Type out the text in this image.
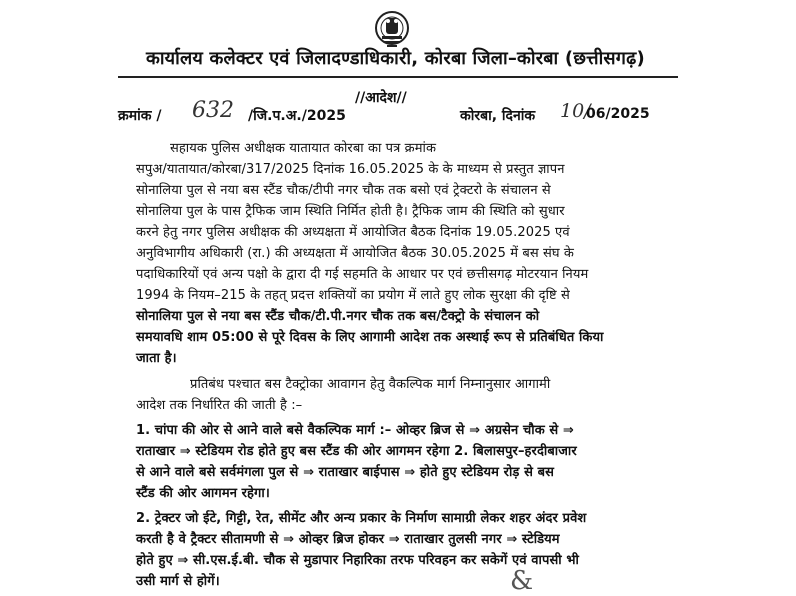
कार्यालय कलेक्टर एवं जिलादण्डाधिकारी, कोरबा जिला–कोरबा (छत्तीसगढ़)
//आदेश//
क्रमांक / 632 /जि.प.अ./2025	कोरबा, दिनांक 10/
06/2025
सहायक पुलिस अधीक्षक यातायात कोरबा का पत्र क्रमांक
सपुअ/यातायात/कोरबा/317/2025 दिनांक 16.05.2025 के के माध्यम से प्रस्तुत ज्ञापन
सोनालिया पुल से नया बस स्टैंड चौक/टीपी नगर चौक तक बसो एवं ट्रेक्टरो के संचालन से
सोनालिया पुल के पास ट्रैफिक जाम स्थिति निर्मित होती है। ट्रैफिक जाम की स्थिति को सुधार
करने हेतु नगर पुलिस अधीक्षक की अध्यक्षता में आयोजित बैठक दिनांक 19.05.2025 एवं
अनुविभागीय अधिकारी (रा.) की अध्यक्षता में आयोजित बैठक 30.05.2025 में बस संघ के
पदाधिकारियों एवं अन्य पक्षो के द्वारा दी गई सहमति के आधार पर एवं छत्तीसगढ़ मोटरयान नियम
1994 के नियम–215 के तहत् प्रदत्त शक्तियों का प्रयोग में लाते हुए लोक सुरक्षा की दृष्टि से
सोनालिया पुल से नया बस स्टैंड चौक/टी.पी.नगर चौक तक बस/टैक्ट्रो के संचालन को
समयावधि शाम 05:00 से पूरे दिवस के लिए आगामी आदेश तक अस्थाई रूप से प्रतिबंधित किया
जाता है।
प्रतिबंध पश्चात बस टैक्ट्रोका आवागन हेतु वैकल्पिक मार्ग निम्नानुसार आगामी
आदेश तक निर्धारित की जाती है :–
1. चांपा की ओर से आने वाले बसे वैकल्पिक मार्ग :– ओव्हर ब्रिज से ⇒ अग्रसेन चौक से ⇒
राताखार ⇒ स्टेडियम रोड होते हुए बस स्टैंड की ओर आगमन रहेगा 2. बिलासपुर–हरदीबाजार
से आने वाले बसे सर्वमंगला पुल से ⇒ राताखार बाईपास ⇒ होते हुए स्टेडियम रोड़ से बस
स्टैंड की ओर आगमन रहेगा।
2. ट्रेक्टर जो ईटे, गिट्टी, रेत, सीमेंट और अन्य प्रकार के निर्माण सामाग्री लेकर शहर अंदर प्रवेश
करती है वे ट्रैक्टर सीतामणी से ⇒ ओव्हर ब्रिज होकर ⇒ राताखार तुलसी नगर ⇒ स्टेडियम
होते हुए ⇒ सी.एस.ई.बी. चौक से मुडापार निहारिका तरफ परिवहन कर सकेगें एवं वापसी भी
उसी मार्ग से होगें।	&
